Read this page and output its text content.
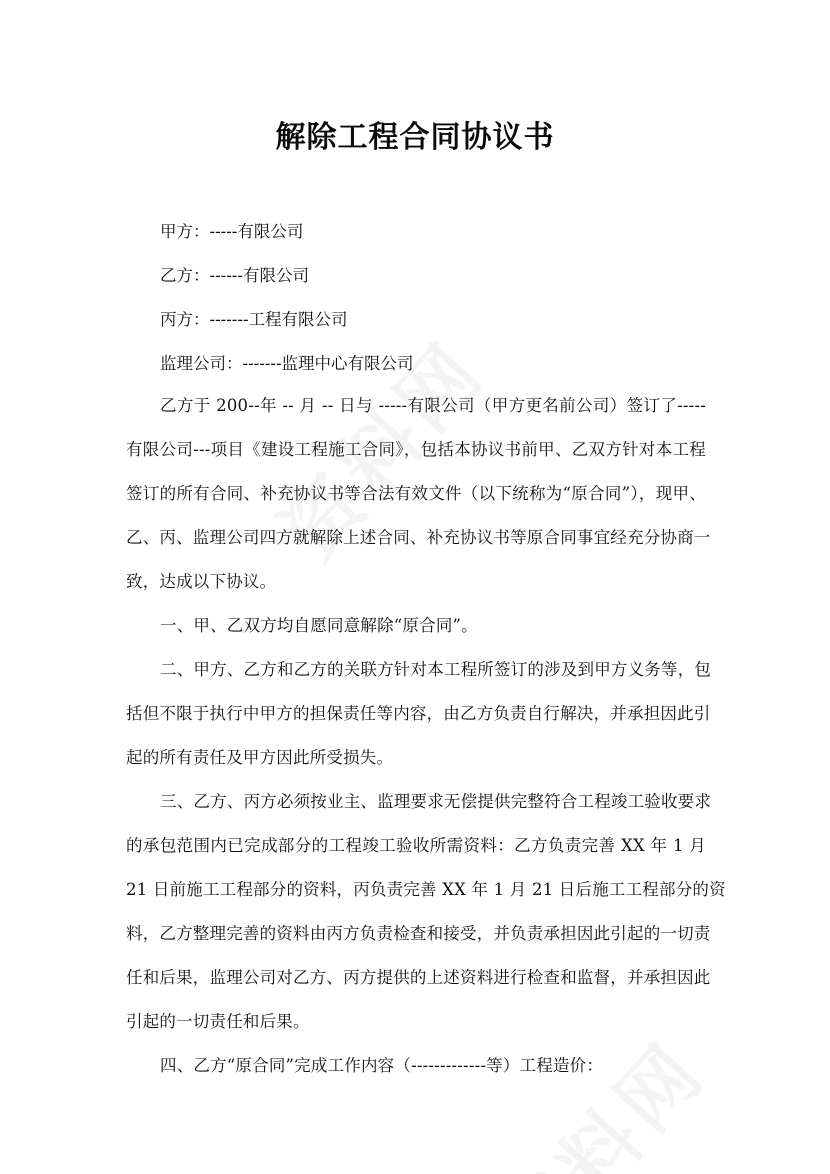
解除工程合同协议书
甲方：-----有限公司
乙方：------有限公司
丙方：-------工程有限公司
监理公司：-------监理中心有限公司
乙方于 200--年 -- 月 -- 日与 -----有限公司（甲方更名前公司）签订了-----
有限公司---项目《建设工程施工合同》，包括本协议书前甲、乙双方针对本工程
签订的所有合同、补充协议书等合法有效文件（以下统称为“原合同”），现甲、
乙、丙、监理公司四方就解除上述合同、补充协议书等原合同事宜经充分协商一
致，达成以下协议。
一、甲、乙双方均自愿同意解除“原合同”。
二、甲方、乙方和乙方的关联方针对本工程所签订的涉及到甲方义务等，包
括但不限于执行中甲方的担保责任等内容，由乙方负责自行解决，并承担因此引
起的所有责任及甲方因此所受损失。
三、乙方、丙方必须按业主、监理要求无偿提供完整符合工程竣工验收要求
的承包范围内已完成部分的工程竣工验收所需资料：乙方负责完善 XX 年 1 月
21 日前施工工程部分的资料，丙负责完善 XX 年 1 月 21 日后施工工程部分的资
料，乙方整理完善的资料由丙方负责检查和接受，并负责承担因此引起的一切责
任和后果，监理公司对乙方、丙方提供的上述资料进行检查和监督，并承担因此
引起的一切责任和后果。
四、乙方“原合同”完成工作内容（-------------等）工程造价：
